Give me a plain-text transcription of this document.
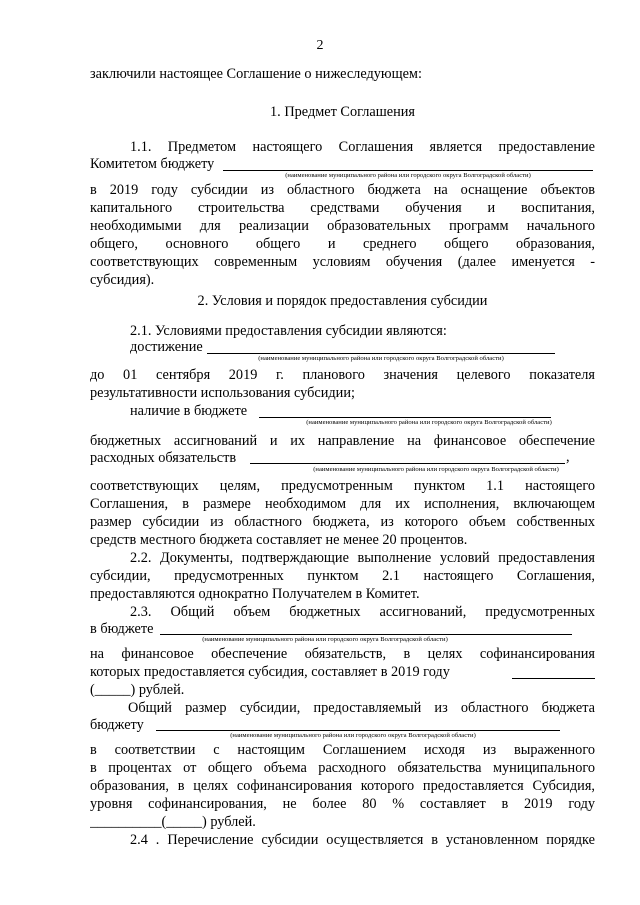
2
заключили настоящее Соглашение о нижеследующем:
1. Предмет Соглашения
1.1. Предметом настоящего Соглашения является предоставление
Комитетом бюджету
(наименование муниципального района или городского округа Волгоградской области)
в 2019 году субсидии из областного бюджета на оснащение объектов
капитального строительства средствами обучения и воспитания,
необходимыми для реализации образовательных программ начального
общего, основного общего и среднего общего образования,
соответствующих современным условиям обучения (далее именуется -
субсидия).
2. Условия и порядок предоставления субсидии
2.1. Условиями предоставления субсидии являются:
достижение
(наименование муниципального района или городского округа Волгоградской области)
до 01 сентября 2019 г. планового значения целевого показателя
результативности использования субсидии;
наличие в бюджете
(наименование муниципального района или городского округа Волгоградской области)
бюджетных ассигнований и их направление на финансовое обеспечение
расходных обязательств	,
(наименование муниципального района или городского округа Волгоградской области)
соответствующих целям, предусмотренным пунктом 1.1 настоящего
Соглашения, в размере необходимом для их исполнения, включающем
размер субсидии из областного бюджета, из которого объем собственных
средств местного бюджета составляет не менее 20 процентов.
2.2. Документы, подтверждающие выполнение условий предоставления
субсидии, предусмотренных пунктом 2.1 настоящего Соглашения,
предоставляются однократно Получателем в Комитет.
2.3. Общий объем бюджетных ассигнований, предусмотренных
в бюджете
(наименование муниципального района или городского округа Волгоградской области)
на финансовое обеспечение обязательств, в целях софинансирования
которых предоставляется субсидия, составляет в 2019 году
(_____) рублей.
Общий размер субсидии, предоставляемый из областного бюджета
бюджету
(наименование муниципального района или городского округа Волгоградской области)
в соответствии с настоящим Соглашением исходя из выраженного
в процентах от общего объема расходного обязательства муниципального
образования, в целях софинансирования которого предоставляется Субсидия,
уровня софинансирования, не более 80 % составляет в 2019 году
__________(_____) рублей.
2.4 . Перечисление субсидии осуществляется в установленном порядке
